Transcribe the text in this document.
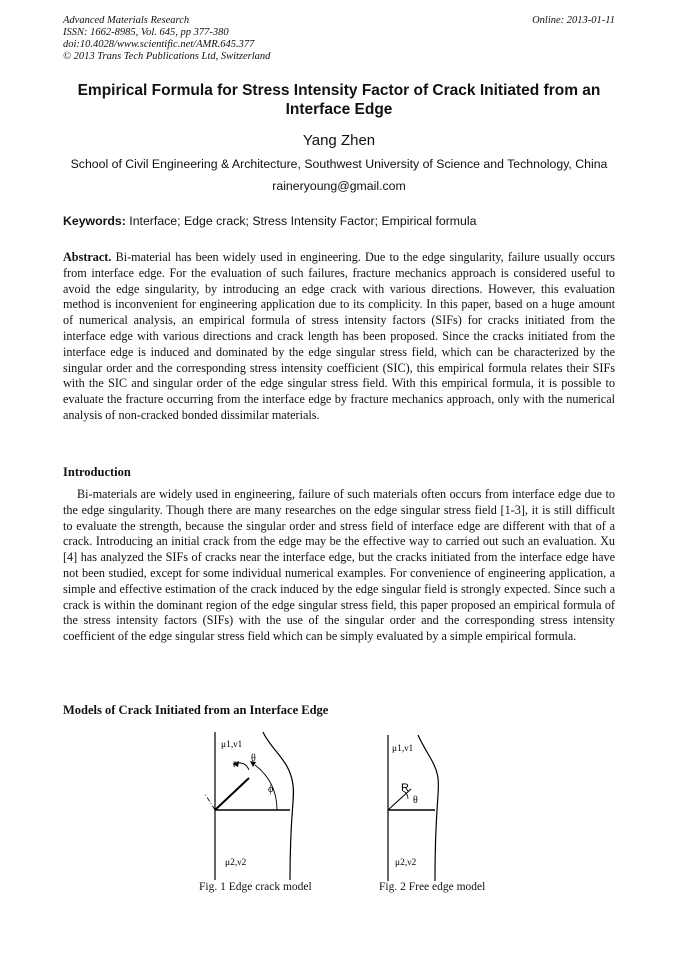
Advanced Materials Research
ISSN: 1662-8985, Vol. 645, pp 377-380
doi:10.4028/www.scientific.net/AMR.645.377
© 2013 Trans Tech Publications Ltd, Switzerland
Online: 2013-01-11
Empirical Formula for Stress Intensity Factor of Crack Initiated from an Interface Edge
Yang Zhen
School of Civil Engineering & Architecture, Southwest University of Science and Technology, China
raineryoung@gmail.com
Keywords: Interface; Edge crack; Stress Intensity Factor; Empirical formula
Abstract. Bi-material has been widely used in engineering. Due to the edge singularity, failure usually occurs from interface edge. For the evaluation of such failures, fracture mechanics approach is considered useful to avoid the edge singularity, by introducing an edge crack with various directions. However, this evaluation method is inconvenient for engineering application due to its complicity. In this paper, based on a huge amount of numerical analysis, an empirical formula of stress intensity factors (SIFs) for cracks initiated from the interface edge with various directions and crack length has been proposed. Since the cracks initiated from the interface edge is induced and dominated by the edge singular stress field, which can be characterized by the singular order and the corresponding stress intensity coefficient (SIC), this empirical formula relates their SIFs with the SIC and singular order of the edge singular stress field. With this empirical formula, it is possible to evaluate the fracture occurring from the interface edge by fracture mechanics approach, only with the numerical analysis of non-cracked bonded dissimilar materials.
Introduction
Bi-materials are widely used in engineering, failure of such materials often occurs from interface edge due to the edge singularity. Though there are many researches on the edge singular stress field [1-3], it is still difficult to evaluate the strength, because the singular order and stress field of interface edge are different with that of a crack. Introducing an initial crack from the edge may be the effective way to carried out such an evaluation. Xu [4] has analyzed the SIFs of cracks near the interface edge, but the cracks initiated from the interface edge have not been studied, except for some individual numerical examples. For convenience of engineering application, a simple and effective estimation of the crack induced by the edge singular field is strongly expected. Since such a crack is within the dominant region of the edge singular stress field, this paper proposed an empirical formula of the stress intensity factors (SIFs) with the use of the singular order and the corresponding stress intensity coefficient of the edge singular stress field which can be simply evaluated by a simple empirical formula.
Models of Crack Initiated from an Interface Edge
μ1,ν1
r θ
ϕ
μ2,ν2
Fig. 1 Edge crack model
μ1,ν1
R
θ
μ2,ν2
Fig. 2 Free edge model
